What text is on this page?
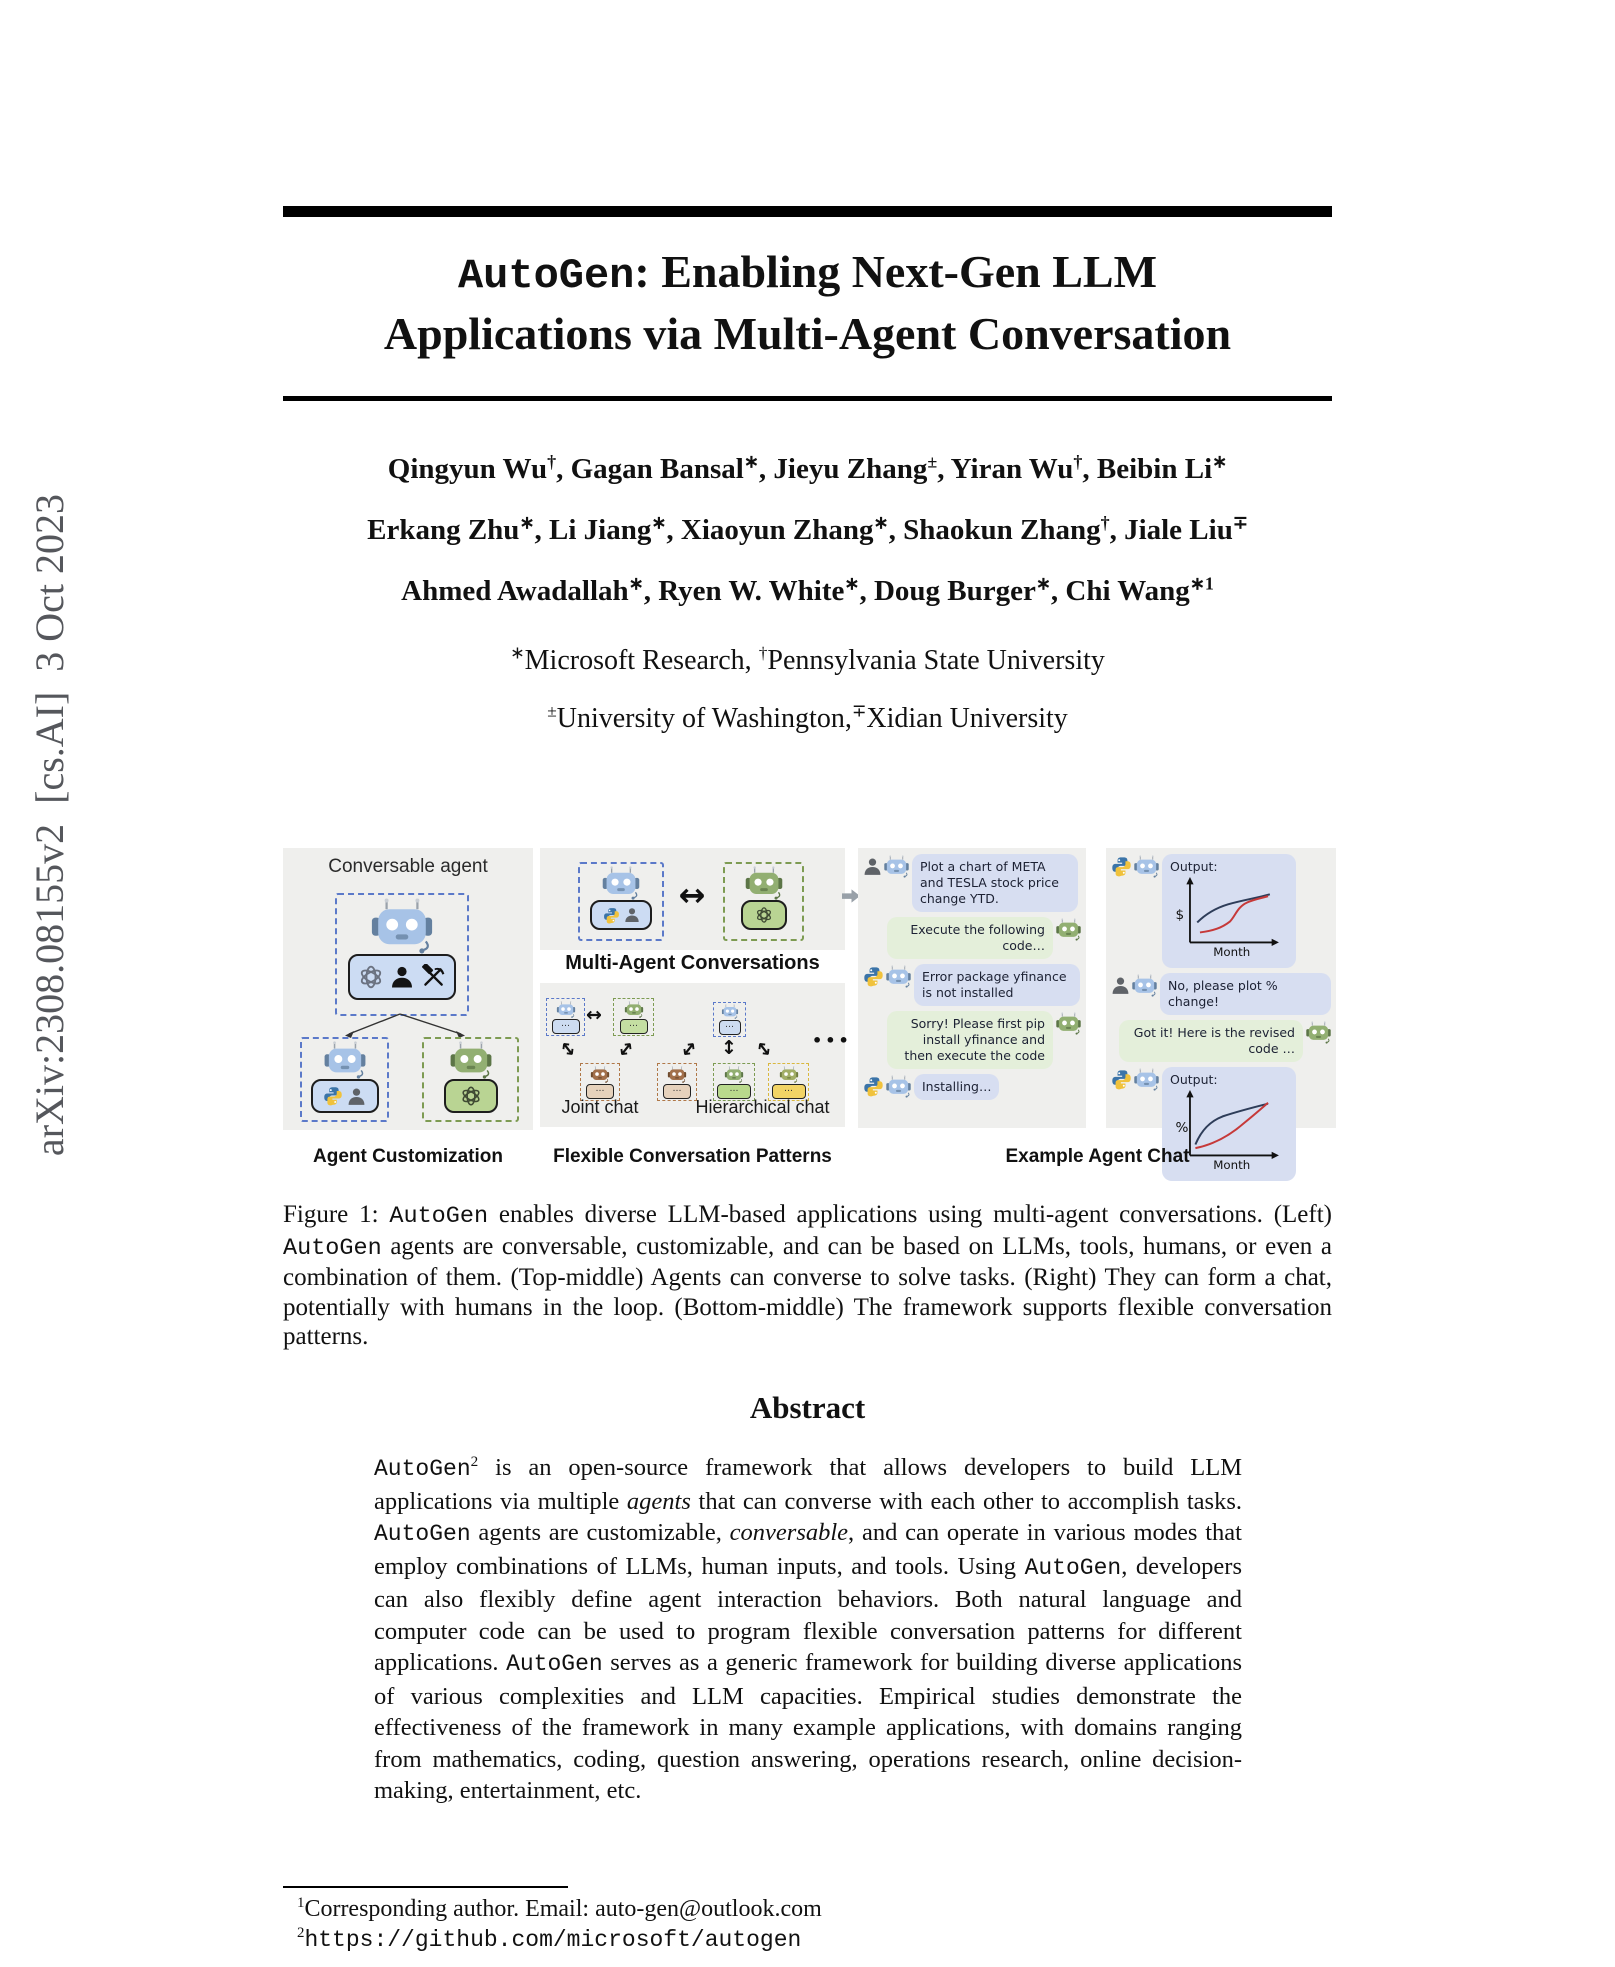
arXiv:2308.08155v2  [cs.AI]  3 Oct 2023
AutoGen: Enabling Next-Gen LLM
Applications via Multi-Agent Conversation
Qingyun Wu†, Gagan Bansal∗, Jieyu Zhang±, Yiran Wu†, Beibin Li∗
Erkang Zhu∗, Li Jiang∗, Xiaoyun Zhang∗, Shaokun Zhang†, Jiale Liu∓
Ahmed Awadallah∗, Ryen W. White∗, Doug Burger∗, Chi Wang$^{∗1}$
∗Microsoft Research, †Pennsylvania State University
±University of Washington,∓Xidian University
Conversable agent
↔
Multi-Agent Conversations
… ↔	…
↔ ↔
…
Joint chat
…
↔ ↕ ↔
…	…	…
•••
Hierarchical chat
Plot a chart of META and TESLA stock price change YTD.
Execute the following code…
Error package yfinance is not installed
Sorry! Please first pip install yfinance and then execute the code
Installing…
Output:
$
Month
No, please plot % change!
Got it! Here is the revised code …
Output:
%
Month
Agent Customization	Flexible Conversation Patterns	Example Agent Chat
Figure 1: AutoGen enables diverse LLM-based applications using multi-agent conversations. (Left) AutoGen agents are conversable, customizable, and can be based on LLMs, tools, humans, or even a combination of them. (Top-middle) Agents can converse to solve tasks. (Right) They can form a chat, potentially with humans in the loop. (Bottom-middle) The framework supports flexible conversation patterns.
Abstract
AutoGen$^2$ is an open-source framework that allows developers to build LLM applications via multiple agents that can converse with each other to accomplish tasks. AutoGen agents are customizable, conversable, and can operate in various modes that employ combinations of LLMs, human inputs, and tools. Using AutoGen, developers can also flexibly define agent interaction behaviors. Both natural language and computer code can be used to program flexible conversation patterns for different applications. AutoGen serves as a generic framework for building diverse applications of various complexities and LLM capacities. Empirical studies demonstrate the effectiveness of the framework in many example applications, with domains ranging from mathematics, coding, question answering, operations research, online decision-making, entertainment, etc.
$^1$Corresponding author. Email: auto-gen@outlook.com
$^2$https://github.com/microsoft/autogen
